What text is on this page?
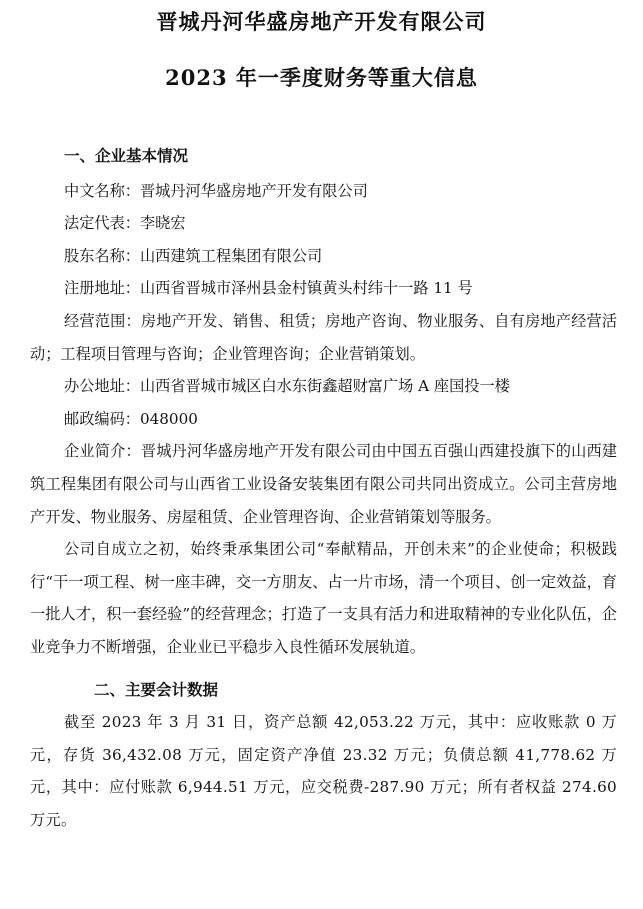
晋城丹河华盛房地产开发有限公司
2023 年一季度财务等重大信息
一、企业基本情况
中文名称： 晋城丹河华盛房地产开发有限公司
法定代表： 李晓宏
股东名称： 山西建筑工程集团有限公司
注册地址： 山西省晋城市泽州县金村镇黄头村纬十一路 11 号
经营范围：房地产开发、销售、租赁；房地产咨询、物业服务、自有房地产经营活动；工程项目管理与咨询；企业管理咨询；企业营销策划。
办公地址： 山西省晋城市城区白水东街鑫超财富广场 A 座国投一楼
邮政编码： 048000
企业简介：晋城丹河华盛房地产开发有限公司由中国五百强山西建投旗下的山西建筑工程集团有限公司与山西省工业设备安装集团有限公司共同出资成立。公司主营房地产开发、物业服务、房屋租赁、企业管理咨询、企业营销策划等服务。
公司自成立之初，始终秉承集团公司“奉献精品，开创未来”的企业使命；积极践行“干一项工程、树一座丰碑，交一方朋友、占一片市场，清一个项目、创一定效益，育一批人才，积一套经验”的经营理念；打造了一支具有活力和进取精神的专业化队伍，企业竞争力不断增强，企业业已平稳步入良性循环发展轨道。
二、主要会计数据
截至 2023 年 3 月 31 日，资产总额 42,053.22 万元，其中：应收账款 0 万元，存货 36,432.08 万元，固定资产净值 23.32 万元；负债总额 41,778.62 万元，其中：应付账款 6,944.51 万元，应交税费-287.90 万元；所有者权益 274.60 万元。
